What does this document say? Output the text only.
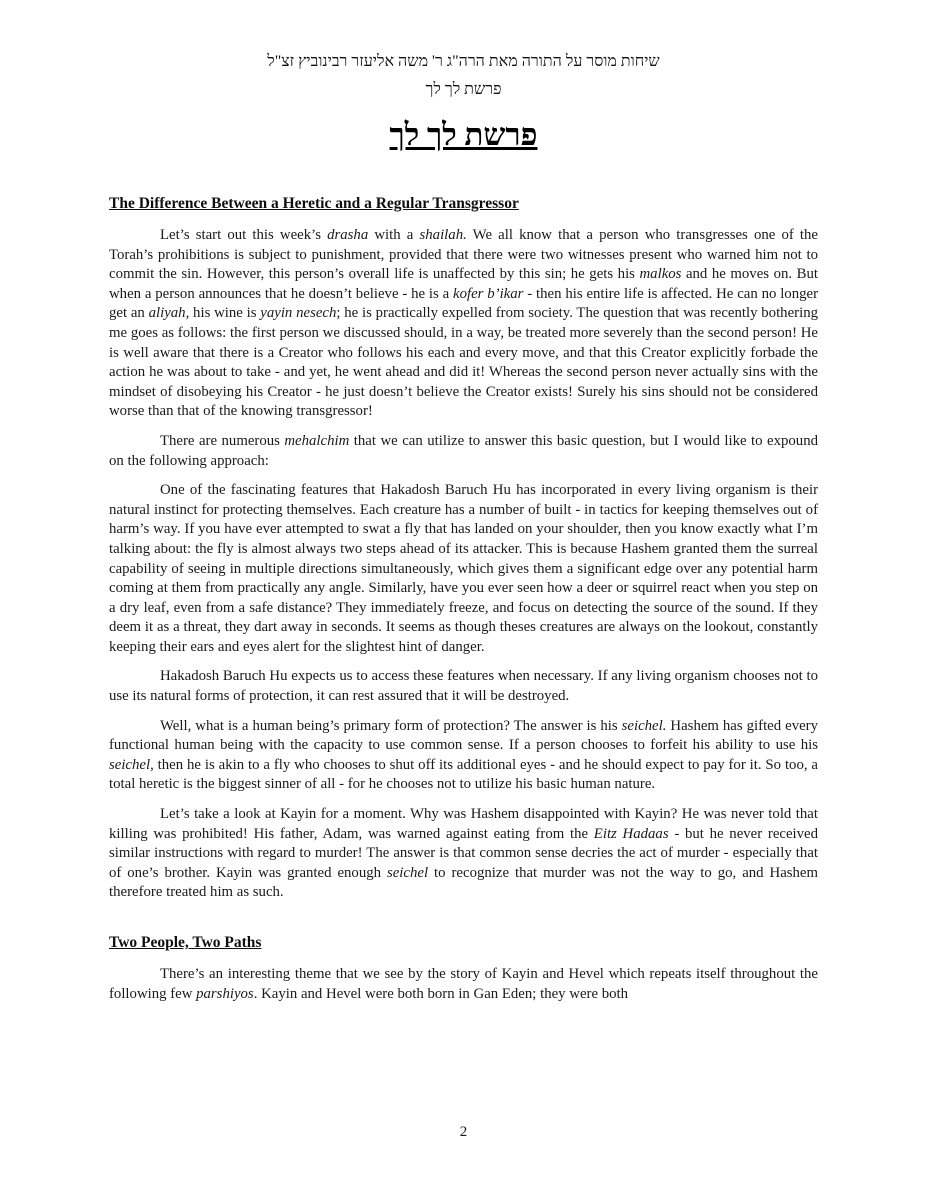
שיחות מוסר על התורה מאת הרה"ג ר' משה אליעזר רבינוביץ זצ"ל
פרשת לך לך
פרשת לך לך
The Difference Between a Heretic and a Regular Transgressor

Let’s start out this week’s drasha with a shailah. We all know that a person who transgresses one of the Torah’s prohibitions is subject to punishment, provided that there were two witnesses present who warned him not to commit the sin. However, this person’s overall life is unaffected by this sin; he gets his malkos and he moves on. But when a person announces that he doesn’t believe - he is a kofer b’ikar - then his entire life is affected. He can no longer get an aliyah, his wine is yayin nesech; he is practically expelled from society. The question that was recently bothering me goes as follows: the first person we discussed should, in a way, be treated more severely than the second person! He is well aware that there is a Creator who follows his each and every move, and that this Creator explicitly forbade the action he was about to take - and yet, he went ahead and did it! Whereas the second person never actually sins with the mindset of disobeying his Creator - he just doesn’t believe the Creator exists! Surely his sins should not be considered worse than that of the knowing transgressor!

There are numerous mehalchim that we can utilize to answer this basic question, but I would like to expound on the following approach:

One of the fascinating features that Hakadosh Baruch Hu has incorporated in every living organism is their natural instinct for protecting themselves. Each creature has a number of built - in tactics for keeping themselves out of harm’s way. If you have ever attempted to swat a fly that has landed on your shoulder, then you know exactly what I’m talking about: the fly is almost always two steps ahead of its attacker. This is because Hashem granted them the surreal capability of seeing in multiple directions simultaneously, which gives them a significant edge over any potential harm coming at them from practically any angle. Similarly, have you ever seen how a deer or squirrel react when you step on a dry leaf, even from a safe distance? They immediately freeze, and focus on detecting the source of the sound. If they deem it as a threat, they dart away in seconds. It seems as though theses creatures are always on the lookout, constantly keeping their ears and eyes alert for the slightest hint of danger.

Hakadosh Baruch Hu expects us to access these features when necessary. If any living organism chooses not to use its natural forms of protection, it can rest assured that it will be destroyed.

Well, what is a human being’s primary form of protection? The answer is his seichel. Hashem has gifted every functional human being with the capacity to use common sense. If a person chooses to forfeit his ability to use his seichel, then he is akin to a fly who chooses to shut off its additional eyes - and he should expect to pay for it. So too, a total heretic is the biggest sinner of all - for he chooses not to utilize his basic human nature.

Let’s take a look at Kayin for a moment. Why was Hashem disappointed with Kayin? He was never told that killing was prohibited! His father, Adam, was warned against eating from the Eitz Hadaas - but he never received similar instructions with regard to murder! The answer is that common sense decries the act of murder - especially that of one’s brother. Kayin was granted enough seichel to recognize that murder was not the way to go, and Hashem therefore treated him as such.

Two People, Two Paths

There’s an interesting theme that we see by the story of Kayin and Hevel which repeats itself throughout the following few parshiyos. Kayin and Hevel were both born in Gan Eden; they were both

2
